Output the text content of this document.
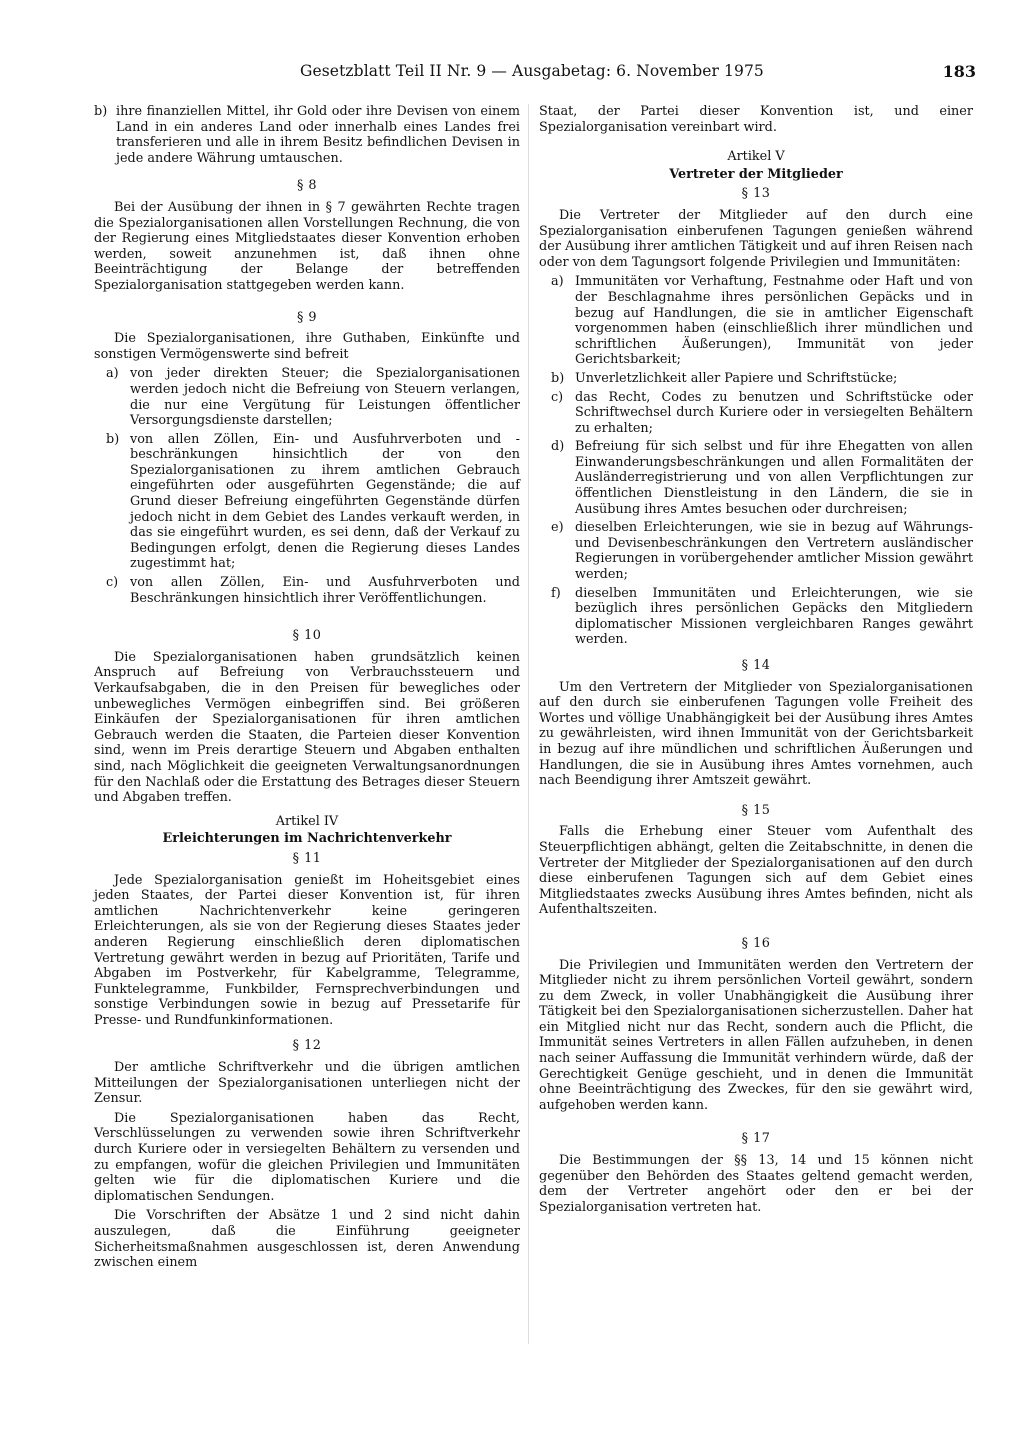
Gesetzblatt Teil II Nr. 9 — Ausgabetag: 6. November 1975	183
b) ihre finanziellen Mittel, ihr Gold oder ihre Devisen von einem Land in ein anderes Land oder innerhalb eines Landes frei transferieren und alle in ihrem Besitz befindlichen Devisen in jede andere Währung umtauschen.
§ 8

Bei der Ausübung der ihnen in § 7 gewährten Rechte tragen die Spezialorganisationen allen Vorstellungen Rechnung, die von der Regierung eines Mitgliedstaates dieser Konvention erhoben werden, soweit anzunehmen ist, daß ihnen ohne Beeinträchtigung der Belange der betreffenden Spezialorganisation stattgegeben werden kann.

§ 9

Die Spezialorganisationen, ihre Guthaben, Einkünfte und sonstigen Vermögenswerte sind befreit

a) von jeder direkten Steuer; die Spezialorganisationen werden jedoch nicht die Befreiung von Steuern verlangen, die nur eine Vergütung für Leistungen öffentlicher Versorgungsdienste darstellen;
b) von allen Zöllen, Ein- und Ausfuhrverboten und -beschränkungen hinsichtlich der von den Spezialorganisationen zu ihrem amtlichen Gebrauch eingeführten oder ausgeführten Gegenstände; die auf Grund dieser Befreiung eingeführten Gegenstände dürfen jedoch nicht in dem Gebiet des Landes verkauft werden, in das sie eingeführt wurden, es sei denn, daß der Verkauf zu Bedingungen erfolgt, denen die Regierung dieses Landes zugestimmt hat;
c) von allen Zöllen, Ein- und Ausfuhrverboten und Beschränkungen hinsichtlich ihrer Veröffentlichungen.
§ 10

Die Spezialorganisationen haben grundsätzlich keinen Anspruch auf Befreiung von Verbrauchssteuern und Verkaufsabgaben, die in den Preisen für bewegliches oder unbewegliches Vermögen einbegriffen sind. Bei größeren Einkäufen der Spezialorganisationen für ihren amtlichen Gebrauch werden die Staaten, die Parteien dieser Konvention sind, wenn im Preis derartige Steuern und Abgaben enthalten sind, nach Möglichkeit die geeigneten Verwaltungsanordnungen für den Nachlaß oder die Erstattung des Betrages dieser Steuern und Abgaben treffen.

Artikel IV
Erleichterungen im Nachrichtenverkehr
§ 11

Jede Spezialorganisation genießt im Hoheitsgebiet eines jeden Staates, der Partei dieser Konvention ist, für ihren amtlichen Nachrichtenverkehr keine geringeren Erleichterungen, als sie von der Regierung dieses Staates jeder anderen Regierung einschließlich deren diplomatischen Vertretung gewährt werden in bezug auf Prioritäten, Tarife und Abgaben im Postverkehr, für Kabelgramme, Telegramme, Funktelegramme, Funkbilder, Fernsprechverbindungen und sonstige Verbindungen sowie in bezug auf Pressetarife für Presse- und Rundfunkinformationen.

§ 12

Der amtliche Schriftverkehr und die übrigen amtlichen Mitteilungen der Spezialorganisationen unterliegen nicht der Zensur.

Die Spezialorganisationen haben das Recht, Verschlüsselungen zu verwenden sowie ihren Schriftverkehr durch Kuriere oder in versiegelten Behältern zu versenden und zu empfangen, wofür die gleichen Privilegien und Immunitäten gelten wie für die diplomatischen Kuriere und die diplomatischen Sendungen.

Die Vorschriften der Absätze 1 und 2 sind nicht dahin auszulegen, daß die Einführung geeigneter Sicherheitsmaßnahmen ausgeschlossen ist, deren Anwendung zwischen einem

Staat, der Partei dieser Konvention ist, und einer Spezialorganisation vereinbart wird.

Artikel V
Vertreter der Mitglieder
§ 13

Die Vertreter der Mitglieder auf den durch eine Spezialorganisation einberufenen Tagungen genießen während der Ausübung ihrer amtlichen Tätigkeit und auf ihren Reisen nach oder von dem Tagungsort folgende Privilegien und Immunitäten:

a) Immunitäten vor Verhaftung, Festnahme oder Haft und von der Beschlagnahme ihres persönlichen Gepäcks und in bezug auf Handlungen, die sie in amtlicher Eigenschaft vorgenommen haben (einschließlich ihrer mündlichen und schriftlichen Äußerungen), Immunität von jeder Gerichtsbarkeit;
b) Unverletzlichkeit aller Papiere und Schriftstücke;
c) das Recht, Codes zu benutzen und Schriftstücke oder Schriftwechsel durch Kuriere oder in versiegelten Behältern zu erhalten;
d) Befreiung für sich selbst und für ihre Ehegatten von allen Einwanderungsbeschränkungen und allen Formalitäten der Ausländerregistrierung und von allen Verpflichtungen zur öffentlichen Dienstleistung in den Ländern, die sie in Ausübung ihres Amtes besuchen oder durchreisen;
e) dieselben Erleichterungen, wie sie in bezug auf Währungs- und Devisenbeschränkungen den Vertretern ausländischer Regierungen in vorübergehender amtlicher Mission gewährt werden;
f) dieselben Immunitäten und Erleichterungen, wie sie bezüglich ihres persönlichen Gepäcks den Mitgliedern diplomatischer Missionen vergleichbaren Ranges gewährt werden.
§ 14

Um den Vertretern der Mitglieder von Spezialorganisationen auf den durch sie einberufenen Tagungen volle Freiheit des Wortes und völlige Unabhängigkeit bei der Ausübung ihres Amtes zu gewährleisten, wird ihnen Immunität von der Gerichtsbarkeit in bezug auf ihre mündlichen und schriftlichen Äußerungen und Handlungen, die sie in Ausübung ihres Amtes vornehmen, auch nach Beendigung ihrer Amtszeit gewährt.

§ 15

Falls die Erhebung einer Steuer vom Aufenthalt des Steuerpflichtigen abhängt, gelten die Zeitabschnitte, in denen die Vertreter der Mitglieder der Spezialorganisationen auf den durch diese einberufenen Tagungen sich auf dem Gebiet eines Mitgliedstaates zwecks Ausübung ihres Amtes befinden, nicht als Aufenthaltszeiten.

§ 16

Die Privilegien und Immunitäten werden den Vertretern der Mitglieder nicht zu ihrem persönlichen Vorteil gewährt, sondern zu dem Zweck, in voller Unabhängigkeit die Ausübung ihrer Tätigkeit bei den Spezialorganisationen sicherzustellen. Daher hat ein Mitglied nicht nur das Recht, sondern auch die Pflicht, die Immunität seines Vertreters in allen Fällen aufzuheben, in denen nach seiner Auffassung die Immunität verhindern würde, daß der Gerechtigkeit Genüge geschieht, und in denen die Immunität ohne Beeinträchtigung des Zweckes, für den sie gewährt wird, aufgehoben werden kann.

§ 17

Die Bestimmungen der §§ 13, 14 und 15 können nicht gegenüber den Behörden des Staates geltend gemacht werden, dem der Vertreter angehört oder den er bei der Spezialorganisation vertreten hat.
